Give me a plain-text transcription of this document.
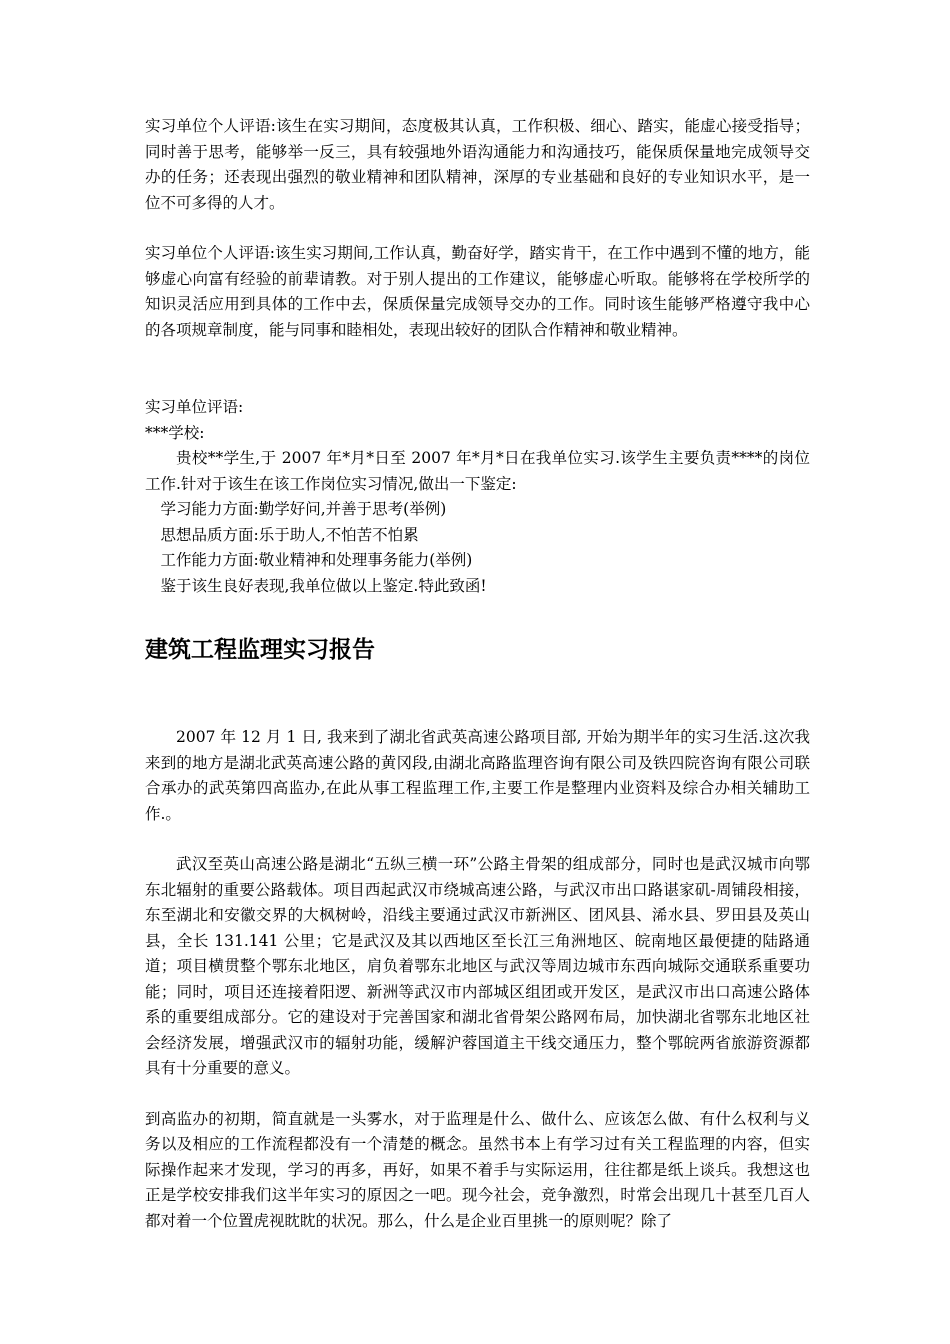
实习单位个人评语:该生在实习期间，态度极其认真，工作积极、细心、踏实，能虚心接受指导；同时善于思考，能够举一反三，具有较强地外语沟通能力和沟通技巧，能保质保量地完成领导交办的任务；还表现出强烈的敬业精神和团队精神，深厚的专业基础和良好的专业知识水平，是一位不可多得的人才。

实习单位个人评语:该生实习期间,工作认真，勤奋好学，踏实肯干，在工作中遇到不懂的地方，能够虚心向富有经验的前辈请教。对于别人提出的工作建议，能够虚心听取。能够将在学校所学的知识灵活应用到具体的工作中去，保质保量完成领导交办的工作。同时该生能够严格遵守我中心的各项规章制度，能与同事和睦相处，表现出较好的团队合作精神和敬业精神。

实习单位评语:

***学校:

贵校**学生,于 2007 年*月*日至 2007 年*月*日在我单位实习.该学生主要负责****的岗位工作.针对于该生在该工作岗位实习情况,做出一下鉴定:

学习能力方面:勤学好问,并善于思考(举例)

思想品质方面:乐于助人,不怕苦不怕累

工作能力方面:敬业精神和处理事务能力(举例)

鉴于该生良好表现,我单位做以上鉴定.特此致函!

建筑工程监理实习报告

2007 年 12 月 1 日, 我来到了湖北省武英高速公路项目部, 开始为期半年的实习生活.这次我来到的地方是湖北武英高速公路的黄冈段,由湖北高路监理咨询有限公司及铁四院咨询有限公司联合承办的武英第四高监办,在此从事工程监理工作,主要工作是整理内业资料及综合办相关辅助工作.。

武汉至英山高速公路是湖北“五纵三横一环”公路主骨架的组成部分，同时也是武汉城市向鄂东北辐射的重要公路载体。项目西起武汉市绕城高速公路，与武汉市出口路谌家矶-周铺段相接，东至湖北和安徽交界的大枫树岭，沿线主要通过武汉市新洲区、团风县、浠水县、罗田县及英山县，全长 131.141 公里；它是武汉及其以西地区至长江三角洲地区、皖南地区最便捷的陆路通道；项目横贯整个鄂东北地区，肩负着鄂东北地区与武汉等周边城市东西向城际交通联系重要功能；同时，项目还连接着阳逻、新洲等武汉市内部城区组团或开发区，是武汉市出口高速公路体系的重要组成部分。它的建设对于完善国家和湖北省骨架公路网布局，加快湖北省鄂东北地区社会经济发展，增强武汉市的辐射功能，缓解沪蓉国道主干线交通压力，整个鄂皖两省旅游资源都具有十分重要的意义。

到高监办的初期，简直就是一头雾水，对于监理是什么、做什么、应该怎么做、有什么权利与义务以及相应的工作流程都没有一个清楚的概念。虽然书本上有学习过有关工程监理的内容，但实际操作起来才发现，学习的再多，再好，如果不着手与实际运用，往往都是纸上谈兵。我想这也正是学校安排我们这半年实习的原因之一吧。现今社会，竞争激烈，时常会出现几十甚至几百人都对着一个位置虎视眈眈的状况。那么，什么是企业百里挑一的原则呢？除了
